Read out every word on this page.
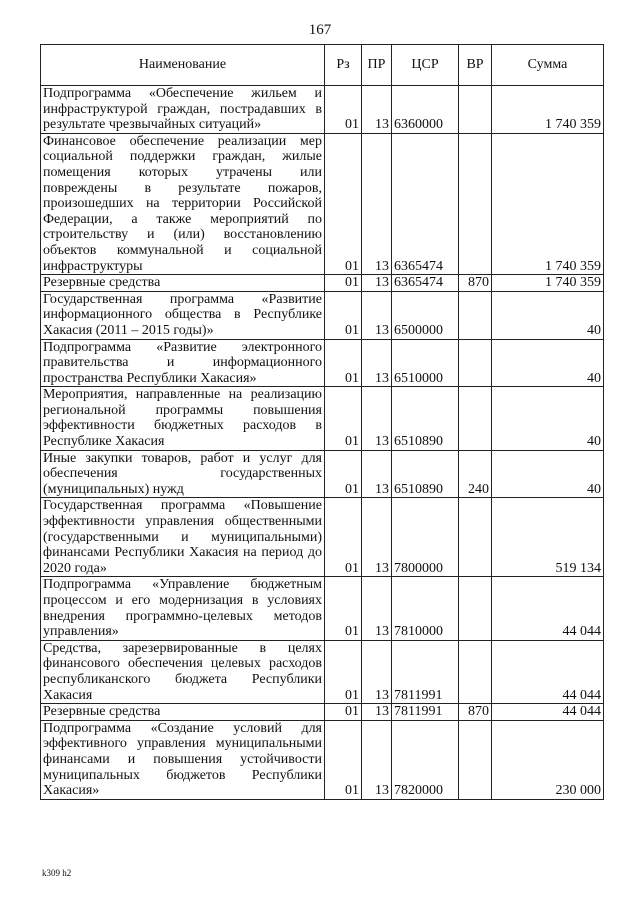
167
Наименование	Рз	ПР	ЦСР	ВР	Сумма
Подпрограмма «Обеспечение жильем и инфраструктурой граждан, пострадавших в результате чрезвычайных ситуаций»	01	13	6360000		1 740 359
Финансовое обеспечение реализации мер социальной поддержки граждан, жилые помещения которых утрачены или повреждены в результате пожаров, произошедших на территории Российской Федерации, а также мероприятий по строительству и (или) восстановлению объектов коммунальной и социальной инфраструктуры	01	13	6365474		1 740 359
Резервные средства	01	13	6365474	870	1 740 359
Государственная программа «Развитие информационного общества в Республике Хакасия (2011 – 2015 годы)»	01	13	6500000		40
Подпрограмма «Развитие электронного правительства и информационного пространства Республики Хакасия»	01	13	6510000		40
Мероприятия, направленные на реализацию региональной программы повышения эффективности бюджетных расходов в Республике Хакасия	01	13	6510890		40
Иные закупки товаров, работ и услуг для обеспечения государственных (муниципальных) нужд	01	13	6510890	240	40
Государственная программа «Повышение эффективности управления общественными (государственными и муниципальными) финансами Республики Хакасия на период до 2020 года»	01	13	7800000		519 134
Подпрограмма «Управление бюджетным процессом и его модернизация в условиях внедрения программно-целевых методов управления»	01	13	7810000		44 044
Средства, зарезервированные в целях финансового обеспечения целевых расходов республиканского бюджета Республики Хакасия	01	13	7811991		44 044
Резервные средства	01	13	7811991	870	44 044
Подпрограмма «Создание условий для эффективного управления муниципальными финансами и повышения устойчивости муниципальных бюджетов Республики Хакасия»	01	13	7820000		230 000
k309 h2
